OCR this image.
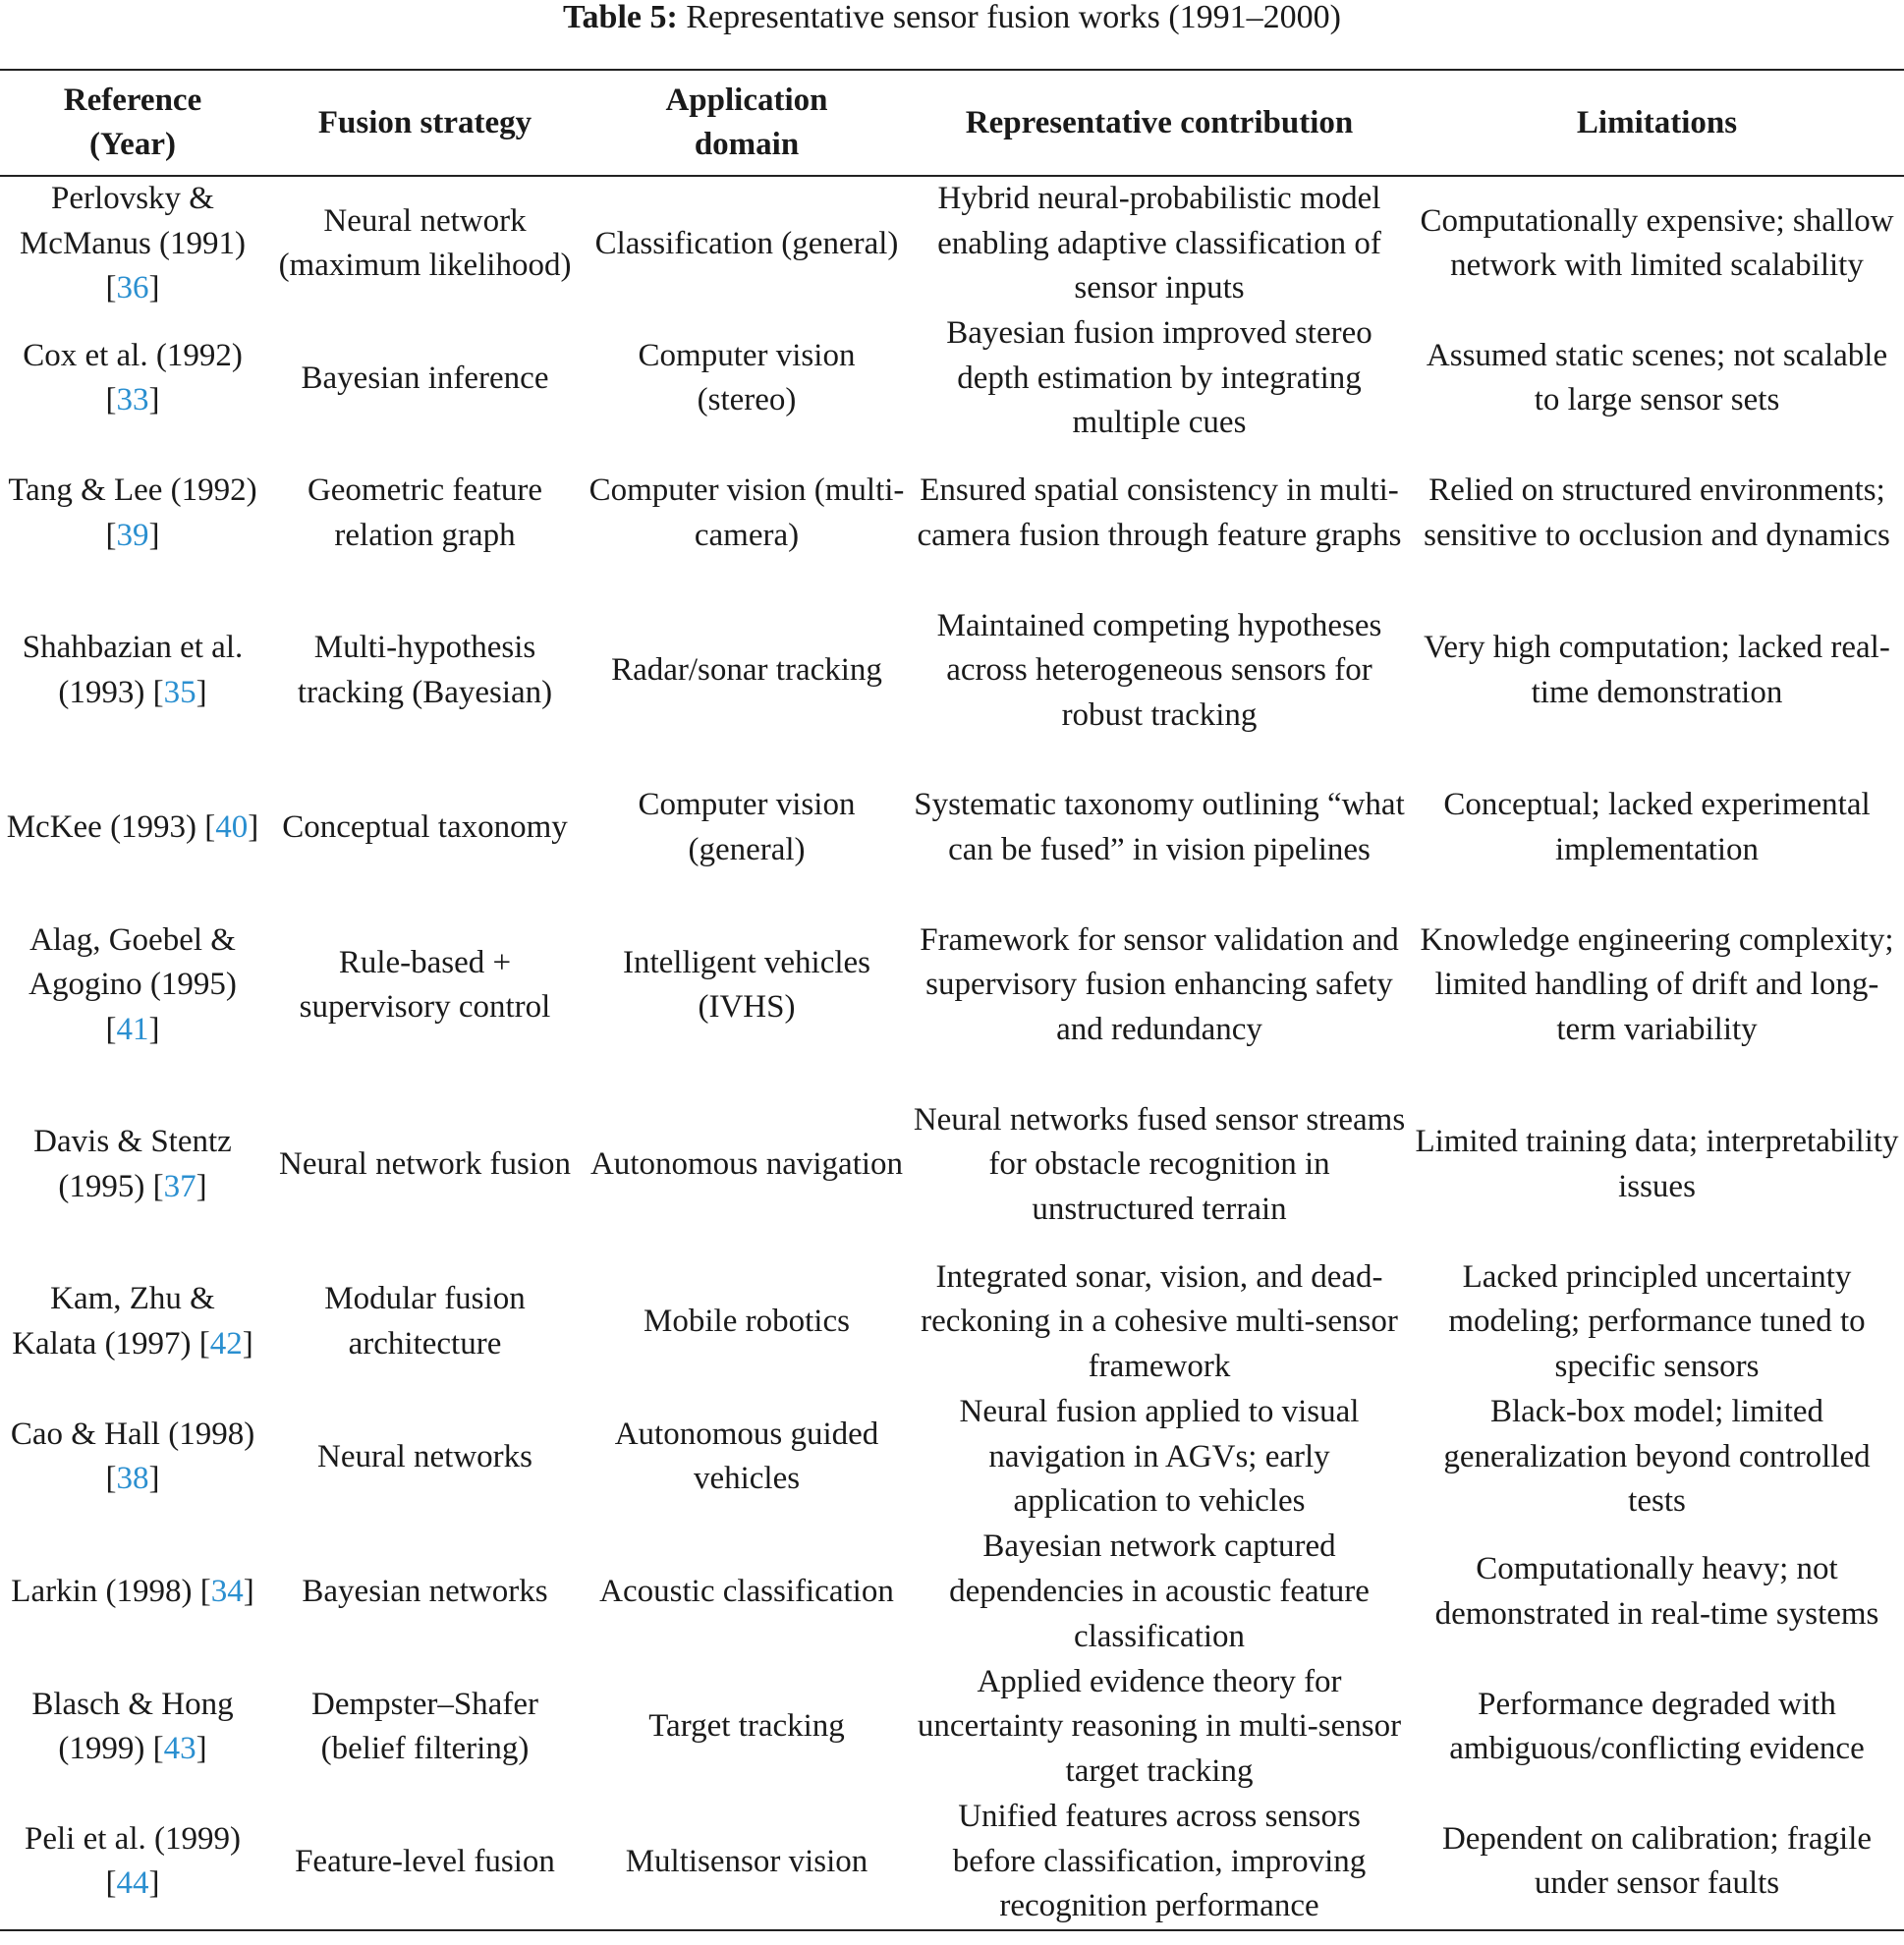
Table 5: Representative sensor fusion works (1991–2000)
Reference (Year)	Fusion strategy	Application domain	Representative contribution	Limitations
Perlovsky & McManus (1991) [36]	Neural network (maximum likelihood)	Classification (general)	Hybrid neural-probabilistic model enabling adaptive classification of sensor inputs	Computationally expensive; shallow network with limited scalability
Cox et al. (1992) [33]	Bayesian inference	Computer vision (stereo)	Bayesian fusion improved stereo depth estimation by integrating multiple cues	Assumed static scenes; not scalable to large sensor sets
Tang & Lee (1992) [39]	Geometric feature relation graph	Computer vision (multi-camera)	Ensured spatial consistency in multi-camera fusion through feature graphs	Relied on structured environments; sensitive to occlusion and dynamics
Shahbazian et al. (1993) [35]	Multi-hypothesis tracking (Bayesian)	Radar/sonar tracking	Maintained competing hypotheses across heterogeneous sensors for robust tracking	Very high computation; lacked real-time demonstration
McKee (1993) [40]	Conceptual taxonomy	Computer vision (general)	Systematic taxonomy outlining “what can be fused” in vision pipelines	Conceptual; lacked experimental implementation
Alag, Goebel & Agogino (1995) [41]	Rule-based + supervisory control	Intelligent vehicles (IVHS)	Framework for sensor validation and supervisory fusion enhancing safety and redundancy	Knowledge engineering complexity; limited handling of drift and long-term variability
Davis & Stentz (1995) [37]	Neural network fusion	Autonomous navigation	Neural networks fused sensor streams for obstacle recognition in unstructured terrain	Limited training data; interpretability issues
Kam, Zhu & Kalata (1997) [42]	Modular fusion architecture	Mobile robotics	Integrated sonar, vision, and dead-reckoning in a cohesive multi-sensor framework	Lacked principled uncertainty modeling; performance tuned to specific sensors
Cao & Hall (1998) [38]	Neural networks	Autonomous guided vehicles	Neural fusion applied to visual navigation in AGVs; early application to vehicles	Black-box model; limited generalization beyond controlled tests
Larkin (1998) [34]	Bayesian networks	Acoustic classification	Bayesian network captured dependencies in acoustic feature classification	Computationally heavy; not demonstrated in real-time systems
Blasch & Hong (1999) [43]	Dempster–Shafer (belief filtering)	Target tracking	Applied evidence theory for uncertainty reasoning in multi-sensor target tracking	Performance degraded with ambiguous/conflicting evidence
Peli et al. (1999) [44]	Feature-level fusion	Multisensor vision	Unified features across sensors before classification, improving recognition performance	Dependent on calibration; fragile under sensor faults
